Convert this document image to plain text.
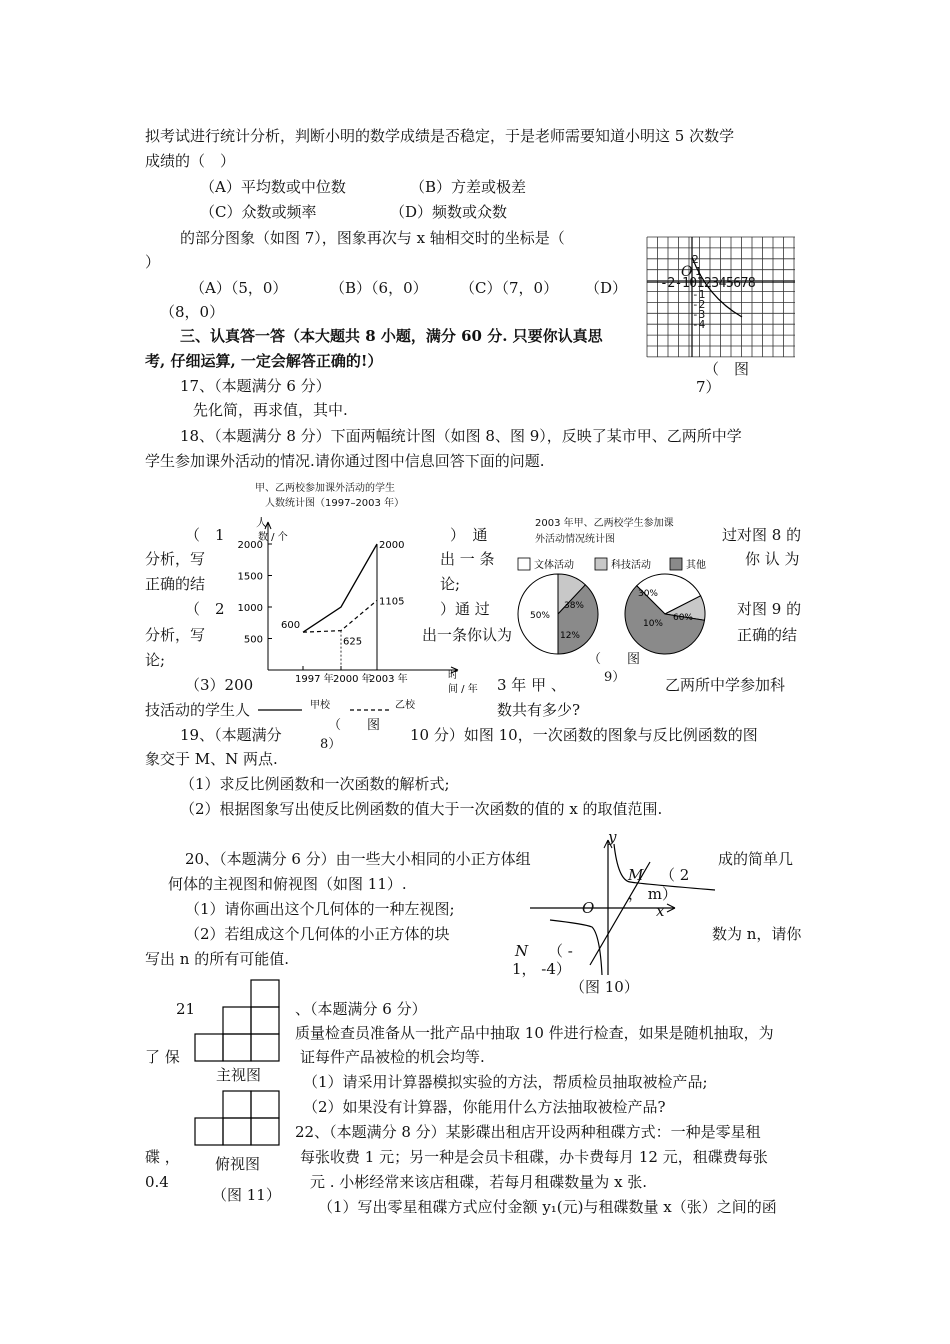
拟考试进行统计分析，判断小明的数学成绩是否稳定，于是老师需要知道小明这 5 次数学
成绩的（　）
（A）平均数或中位数	（B）方差或极差
（C）众数或频率	（D）频数或众数
的部分图象（如图 7），图象再次与 x 轴相交时的坐标是（
）
（A）（5，0）	（B）（6，0） （C）（7，0） （D）
（8，0）
O
-2-1012345678
2
1
-1
-2
-3
-4
（　图
7）
三、认真答一答（本大题共 8 小题，满分 60 分. 只要你认真思
考, 仔细运算, 一定会解答正确的!）
17、（本题满分 6 分）
先化简，再求值，其中.
18、（本题满分 8 分）下面两幅统计图（如图 8、图 9），反映了某市甲、乙两所中学
学生参加课外活动的情况.请你通过图中信息回答下面的问题.
（　1	）　通	过对图 8 的
分析，写	出 一 条	你 认 为
正确的结	论;
（　2	）通 过	对图 9 的
分析，写	出一条你认为	正确的结
论;
（3）200	3 年 甲 、	乙两所中学参加科
技活动的学生人	数共有多少?
甲、乙两校参加课外活动的学生
人数统计图（1997–2003 年）
人
数 / 个
时
间 / 年
2000
1500
1000
500
1997 年 2000 年
2003 年
600
2000
625
1105
甲校	乙校
（　　图
8）
2003 年甲、乙两校学生参加课
外活动情况统计图
文体活动	科技活动	其他
50%
12%
38%
30%
10%
60%
（　　图
9）
19、（本题满分	10 分）如图 10，一次函数的图象与反比例函数的图
象交于 M、N 两点.
（1）求反比例函数和一次函数的解析式;
（2）根据图象写出使反比例函数的值大于一次函数的值的 x 的取值范围.
y
x
O
M （ 2
， m）
N （ -
1， -4）
（图 10）
20、（本题满分 6 分）由一些大小相同的小正方体组	成的简单几
何体的主视图和俯视图（如图 11）.
（1）请你画出这个几何体的一种左视图;
（2）若组成这个几何体的小正方体的块	数为 n，请你
写出 n 的所有可能值.
主视图
俯视图
（图 11）
21	、（本题满分 6 分）
质量检查员准备从一批产品中抽取 10 件进行检查，如果是随机抽取，为
了 保	证每件产品被检的机会均等.
（1）请采用计算器模拟实验的方法，帮质检员抽取被检产品;
（2）如果没有计算器，你能用什么方法抽取被检产品?
22、（本题满分 8 分）某影碟出租店开设两种租碟方式：一种是零星租
碟 ，	每张收费 1 元；另一种是会员卡租碟，办卡费每月 12 元，租碟费每张
0.4	元 . 小彬经常来该店租碟，若每月租碟数量为 x 张.
（1）写出零星租碟方式应付金额 y₁(元)与租碟数量 x（张）之间的函
